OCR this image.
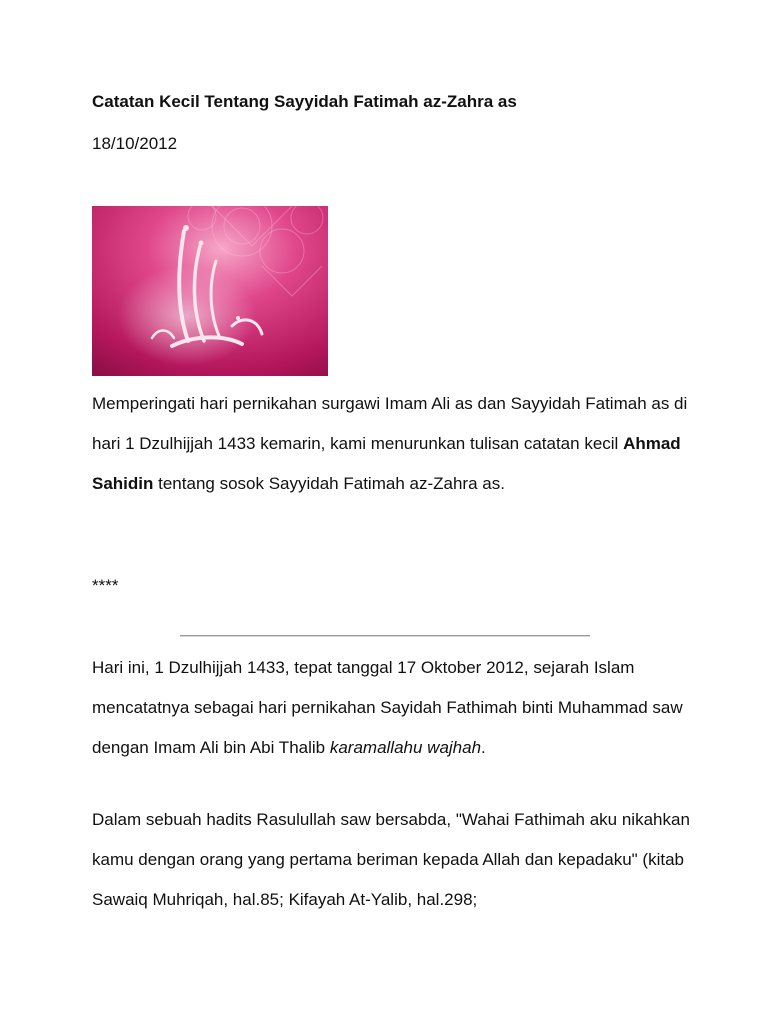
Catatan Kecil Tentang Sayyidah Fatimah az-Zahra as
18/10/2012
Memperingati hari pernikahan surgawi Imam Ali as dan Sayyidah Fatimah as di hari 1 Dzulhijjah 1433 kemarin, kami menurunkan tulisan catatan kecil Ahmad Sahidin tentang sosok Sayyidah Fatimah az-Zahra as.
****
Hari ini, 1 Dzulhijjah 1433, tepat tanggal 17 Oktober 2012, sejarah Islam mencatatnya sebagai hari pernikahan Sayidah Fathimah binti Muhammad saw dengan Imam Ali bin Abi Thalib karamallahu wajhah.
Dalam sebuah hadits Rasulullah saw bersabda, "Wahai Fathimah aku nikahkan kamu dengan orang yang pertama beriman kepada Allah dan kepadaku" (kitab Sawaiq Muhriqah, hal.85; Kifayah At-Yalib, hal.298;
